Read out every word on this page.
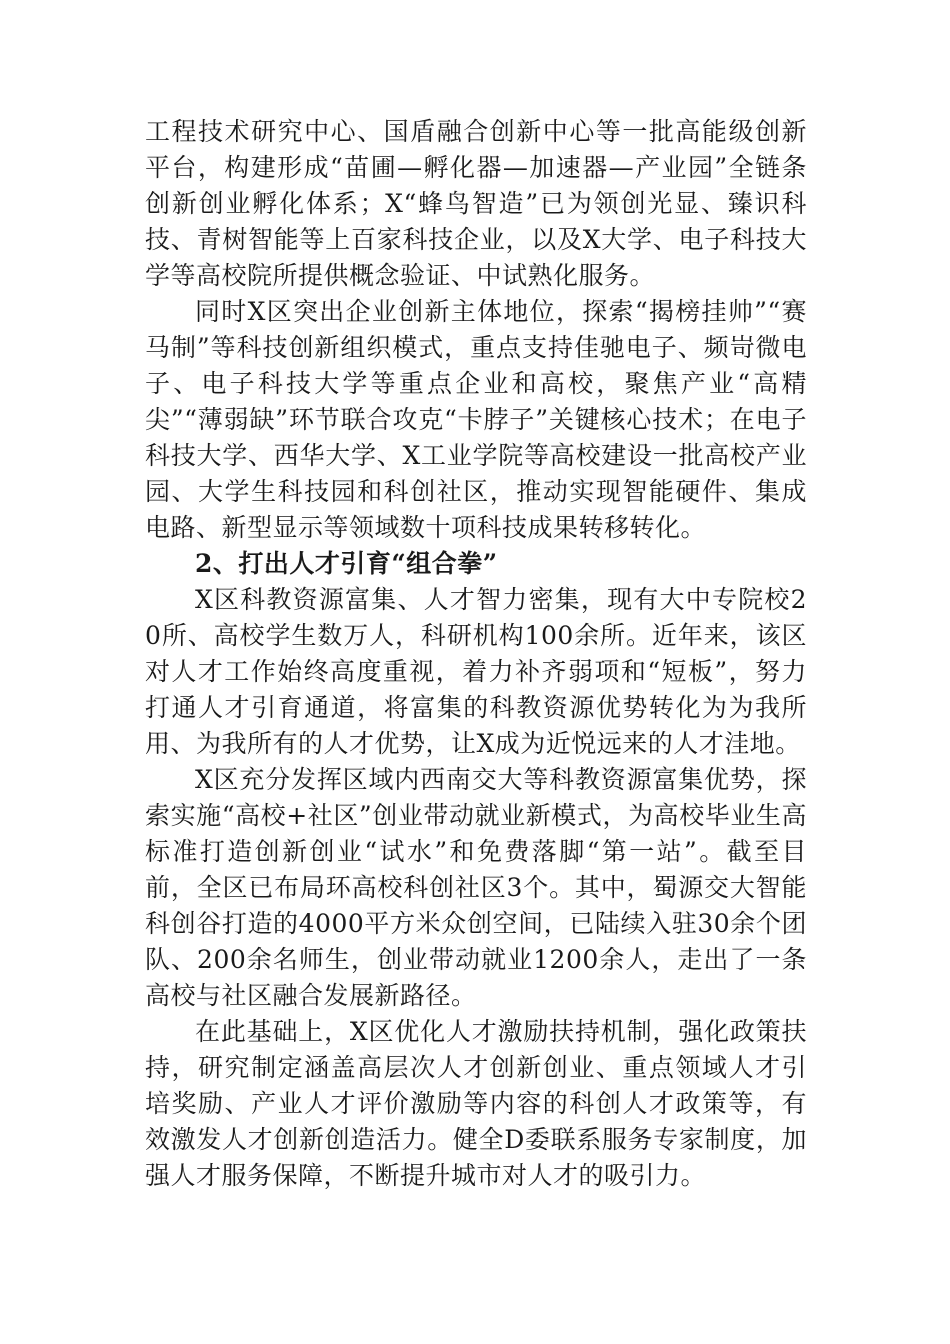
工程技术研究中心、国盾融合创新中心等一批高能级创新平台，构建形成“苗圃—孵化器—加速器—产业园”全链条创新创业孵化体系；X“蜂鸟智造”已为领创光显、臻识科技、青树智能等上百家科技企业，以及X大学、电子科技大学等高校院所提供概念验证、中试熟化服务。

同时X区突出企业创新主体地位，探索“揭榜挂帅”“赛马制”等科技创新组织模式，重点支持佳驰电子、频岢微电子、电子科技大学等重点企业和高校，聚焦产业“高精尖”“薄弱缺”环节联合攻克“卡脖子”关键核心技术；在电子科技大学、西华大学、X工业学院等高校建设一批高校产业园、大学生科技园和科创社区，推动实现智能硬件、集成电路、新型显示等领域数十项科技成果转移转化。

2、打出人才引育“组合拳”

X区科教资源富集、人才智力密集，现有大中专院校20所、高校学生数万人，科研机构100余所。近年来，该区对人才工作始终高度重视，着力补齐弱项和“短板”，努力打通人才引育通道，将富集的科教资源优势转化为为我所用、为我所有的人才优势，让X成为近悦远来的人才洼地。

X区充分发挥区域内西南交大等科教资源富集优势，探索实施“高校+社区”创业带动就业新模式，为高校毕业生高标准打造创新创业“试水”和免费落脚“第一站”。截至目前，全区已布局环高校科创社区3个。其中，蜀源交大智能科创谷打造的4000平方米众创空间，已陆续入驻30余个团队、200余名师生，创业带动就业1200余人，走出了一条高校与社区融合发展新路径。

在此基础上，X区优化人才激励扶持机制，强化政策扶持，研究制定涵盖高层次人才创新创业、重点领域人才引培奖励、产业人才评价激励等内容的科创人才政策等，有效激发人才创新创造活力。健全D委联系服务专家制度，加强人才服务保障，不断提升城市对人才的吸引力。
